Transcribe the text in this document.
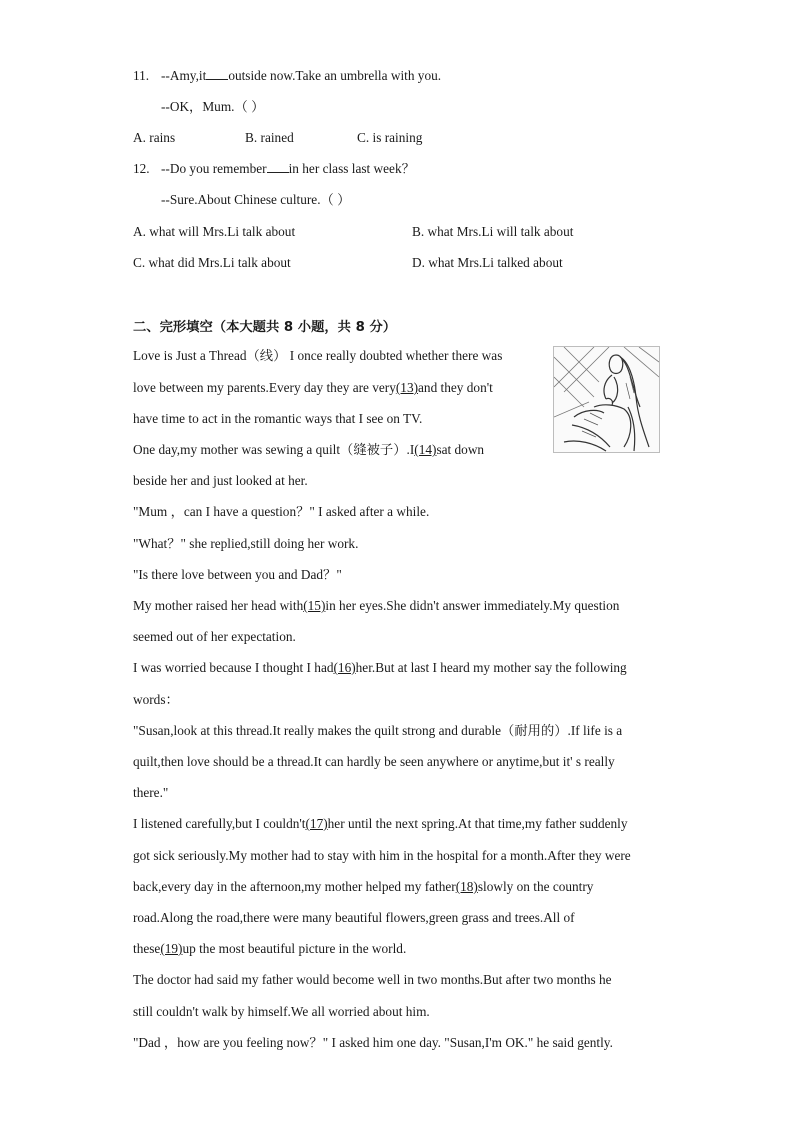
11. --Amy,it outside now.Take an umbrella with you.
--OK，Mum.（ ）
A. rains	B. rained	C. is raining
12. --Do you remember in her class last week？
--Sure.About Chinese culture.（ ）
A. what will Mrs.Li talk about	B. what Mrs.Li will talk about
C. what did Mrs.Li talk about	D. what Mrs.Li talked about
二、完形填空（本大题共 8 小题，共 8 分）
Love is Just a Thread（线） I once really doubted whether there was
love between my parents.Every day they are very(13)and they don't
have time to act in the romantic ways that I see on TV.
One day,my mother was sewing a quilt（缝被子）.I(14)sat down
beside her and just looked at her.
"Mum ，can I have a question？" I asked after a while.
"What？" she replied,still doing her work.
"Is there love between you and Dad？"
My mother raised her head with(15)in her eyes.She didn't answer immediately.My question
seemed out of her expectation.
I was worried because I thought I had(16)her.But at last I heard my mother say the following
words：
"Susan,look at this thread.It really makes the quilt strong and durable（耐用的）.If life is a
quilt,then love should be a thread.It can hardly be seen anywhere or anytime,but it' s really
there."
I listened carefully,but I couldn't(17)her until the next spring.At that time,my father suddenly
got sick seriously.My mother had to stay with him in the hospital for a month.After they were
back,every day in the afternoon,my mother helped my father(18)slowly on the country
road.Along the road,there were many beautiful flowers,green grass and trees.All of
these(19)up the most beautiful picture in the world.
The doctor had said my father would become well in two months.But after two months he
still couldn't walk by himself.We all worried about him.
"Dad ，how are you feeling now？" I asked him one day. "Susan,I'm OK." he said gently.
